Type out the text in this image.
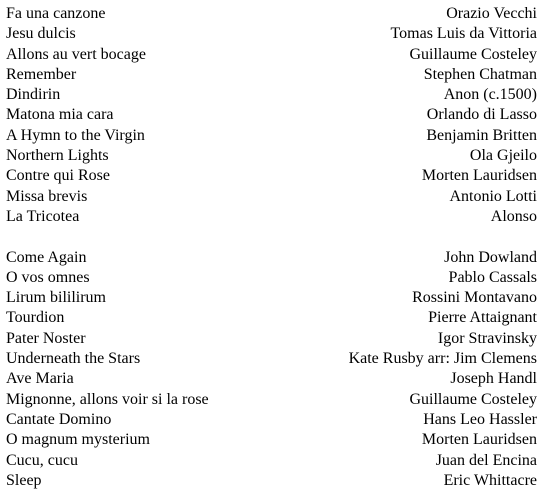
Fa una canzone	Orazio Vecchi
Jesu dulcis	Tomas Luis da Vittoria
Allons au vert bocage	Guillaume Costeley
Remember	Stephen Chatman
Dindirin	Anon (c.1500)
Matona mia cara	Orlando di Lasso
A Hymn to the Virgin	Benjamin Britten
Northern Lights	Ola Gjeilo
Contre qui Rose	Morten Lauridsen
Missa brevis	Antonio Lotti
La Tricotea	Alonso
Come Again	John Dowland
O vos omnes	Pablo Cassals
Lirum bililirum	Rossini Montavano
Tourdion	Pierre Attaignant
Pater Noster	Igor Stravinsky
Underneath the Stars	Kate Rusby arr: Jim Clemens
Ave Maria	Joseph Handl
Mignonne, allons voir si la rose	Guillaume Costeley
Cantate Domino	Hans Leo Hassler
O magnum mysterium	Morten Lauridsen
Cucu, cucu	Juan del Encina
Sleep	Eric Whittacre
